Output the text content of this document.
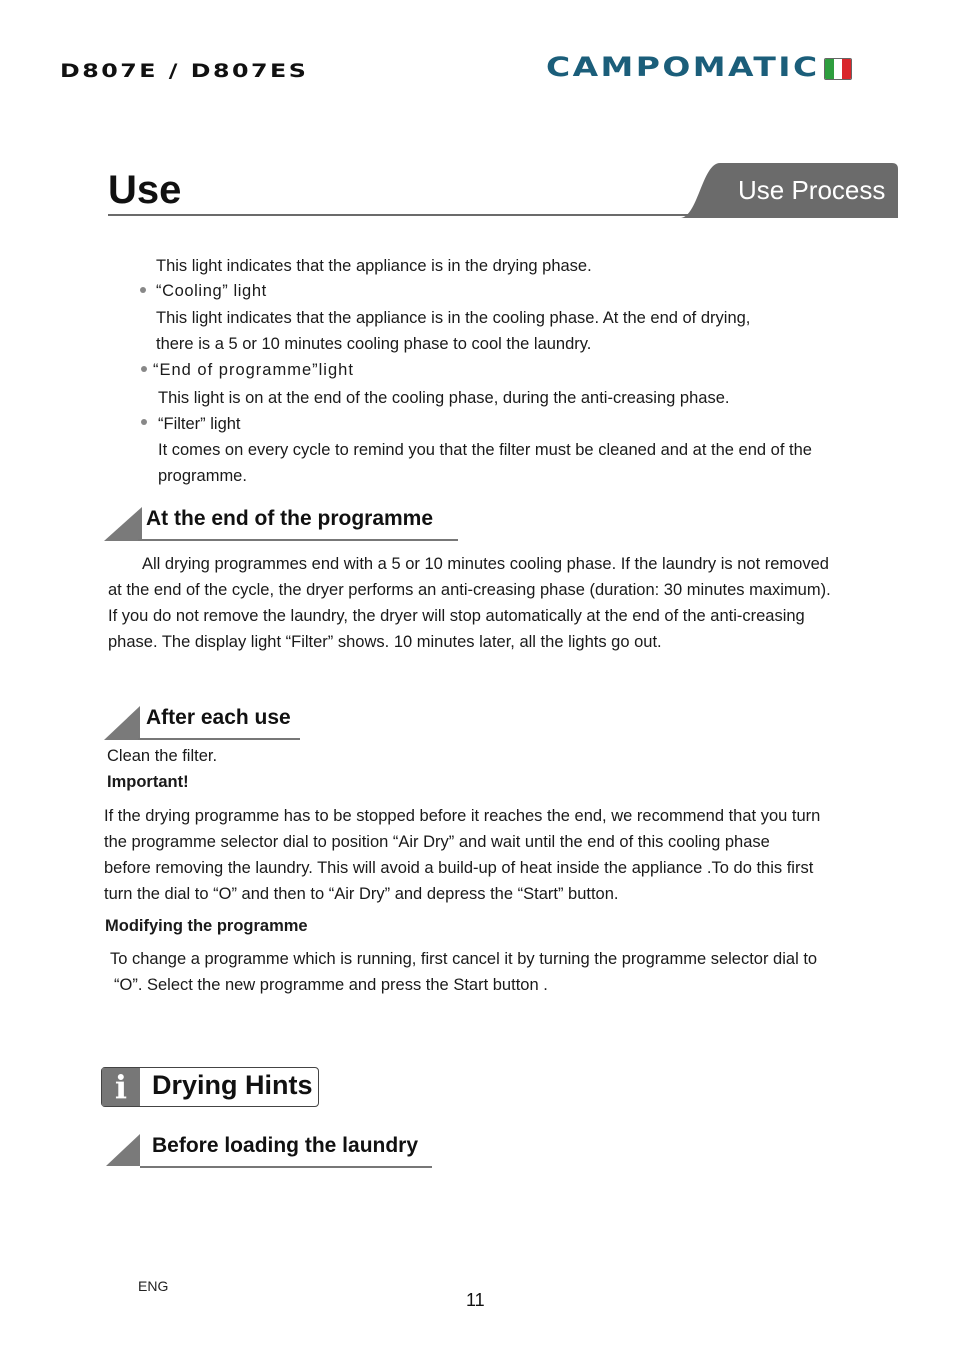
D807E / D807ES	CAMPOMATIC
Use	Use Process
This light indicates that the appliance is in the drying phase.
“Cooling” light
This light indicates that the appliance is in the cooling phase. At the end of drying,
there is a 5 or 10 minutes cooling phase to cool the laundry.
“End of programme”light
This light is on at the end of the cooling phase, during the anti-creasing phase.
“Filter” light
It comes on every cycle to remind you that the filter must be cleaned and at the end of the
programme.
At the end of the programme
All drying programmes end with a 5 or 10 minutes cooling phase. If the laundry is not removed
at the end of the cycle, the dryer performs an anti-creasing phase (duration: 30 minutes maximum).
If you do not remove the laundry, the dryer will stop automatically at the end of the anti-creasing
phase. The display light “Filter” shows. 10 minutes later, all the lights go out.
After each use
Clean the filter.
Important!
If the drying programme has to be stopped before it reaches the end, we recommend that you turn
the programme selector dial to position “Air Dry” and wait until the end of this cooling phase
before removing the laundry. This will avoid a build-up of heat inside the appliance .To do this first
turn the dial to “O” and then to “Air Dry” and depress the “Start” button.
Modifying the programme
To change a programme which is running, first cancel it by turning the programme selector dial to
“O”. Select the new programme and press the Start button .
i Drying Hints
Before loading the laundry
ENG
11
